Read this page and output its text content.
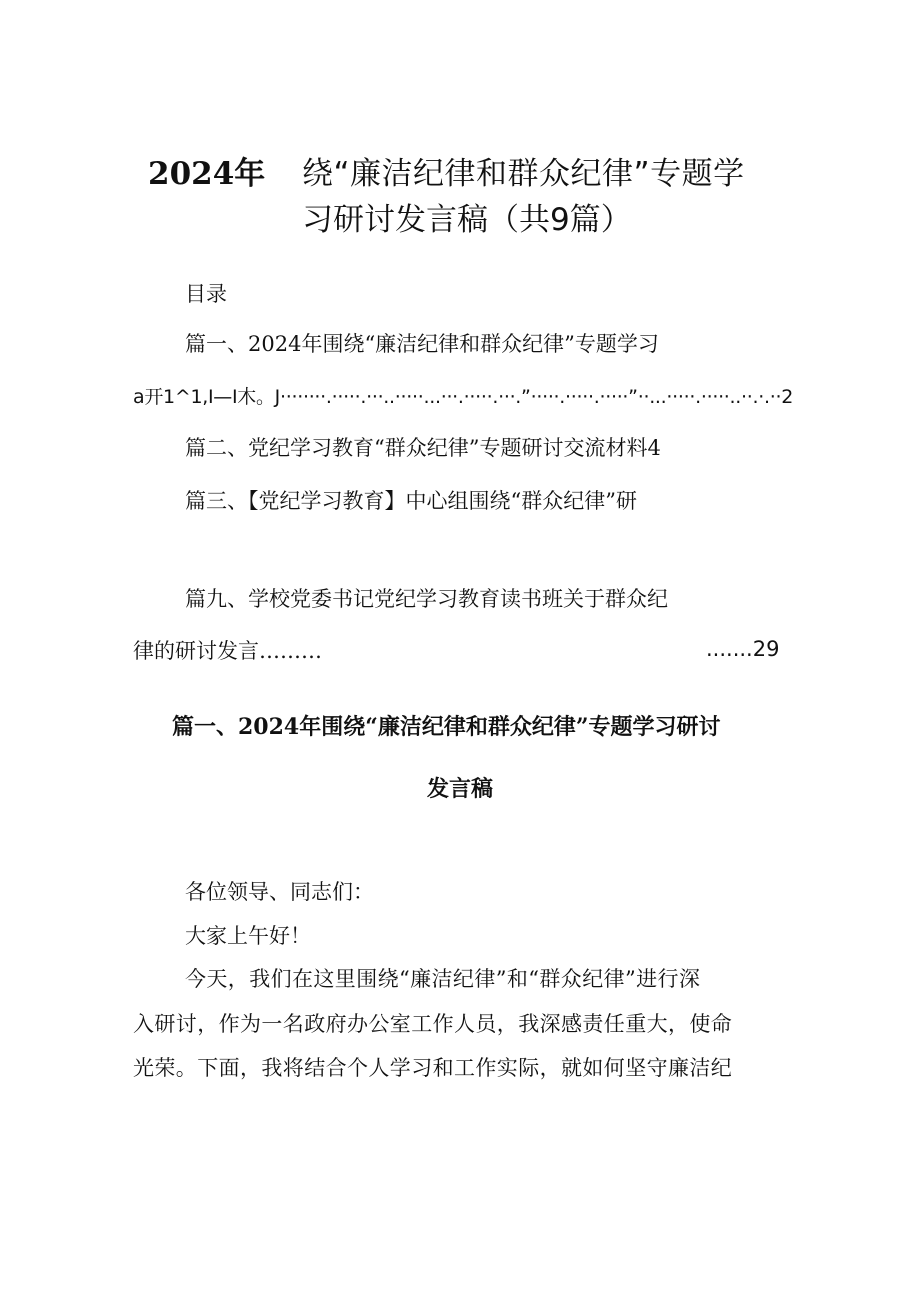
2024年 绕“廉洁纪律和群众纪律”专题学
习研讨发言稿（共9篇）
目录
篇一、2024年围绕“廉洁纪律和群众纪律”专题学习
a开1^1,I—I木。J········.·····.···..·····...···.·····.···.”·····.·····.·····”··...·····.·····..··.·.··2
篇二、党纪学习教育“群众纪律”专题研讨交流材料4
篇三、【党纪学习教育】中心组围绕“群众纪律”研
篇九、学校党委书记党纪学习教育读书班关于群众纪
律的研讨发言………	.......29
篇一、2024年围绕“廉洁纪律和群众纪律”专题学习研讨
发言稿
各位领导、同志们：
大家上午好！
今天，我们在这里围绕“廉洁纪律”和“群众纪律”进行深
入研讨，作为一名政府办公室工作人员，我深感责任重大，使命
光荣。下面，我将结合个人学习和工作实际，就如何坚守廉洁纪
